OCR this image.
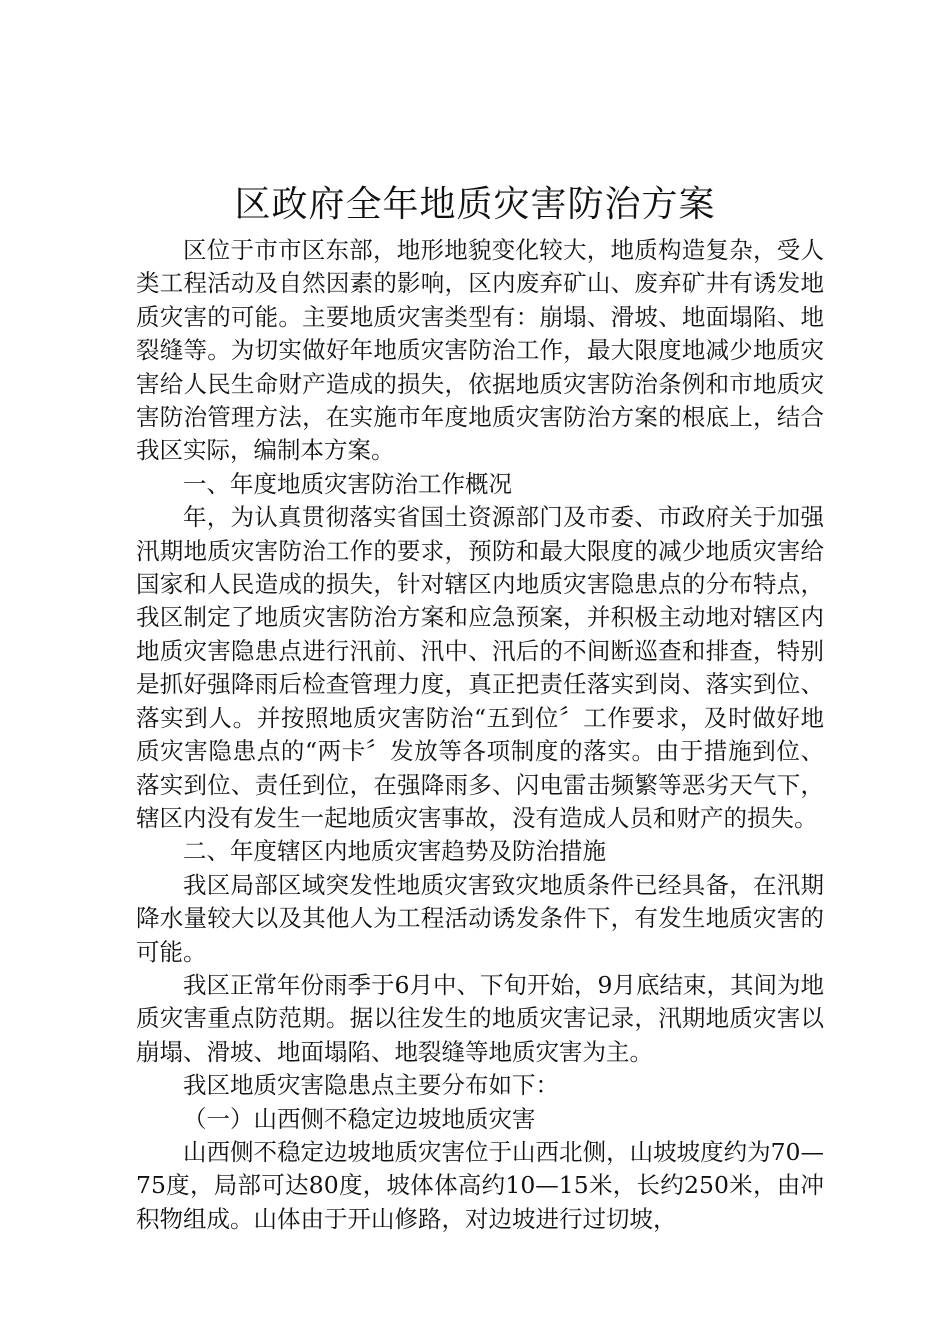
区政府全年地质灾害防治方案

区位于市市区东部，地形地貌变化较大，地质构造复杂，受人类工程活动及自然因素的影响，区内废弃矿山、废弃矿井有诱发地质灾害的可能。主要地质灾害类型有：崩塌、滑坡、地面塌陷、地裂缝等。为切实做好年地质灾害防治工作，最大限度地减少地质灾害给人民生命财产造成的损失，依据地质灾害防治条例和市地质灾害防治管理方法，在实施市年度地质灾害防治方案的根底上，结合我区实际，编制本方案。

一、年度地质灾害防治工作概况

年，为认真贯彻落实省国土资源部门及市委、市政府关于加强汛期地质灾害防治工作的要求，预防和最大限度的减少地质灾害给国家和人民造成的损失，针对辖区内地质灾害隐患点的分布特点，我区制定了地质灾害防治方案和应急预案，并积极主动地对辖区内地质灾害隐患点进行汛前、汛中、汛后的不间断巡查和排查，特别是抓好强降雨后检查管理力度，真正把责任落实到岗、落实到位、落实到人。并按照地质灾害防治“五到位〞工作要求，及时做好地质灾害隐患点的“两卡〞发放等各项制度的落实。由于措施到位、落实到位、责任到位，在强降雨多、闪电雷击频繁等恶劣天气下，辖区内没有发生一起地质灾害事故，没有造成人员和财产的损失。

二、年度辖区内地质灾害趋势及防治措施

我区局部区域突发性地质灾害致灾地质条件已经具备，在汛期降水量较大以及其他人为工程活动诱发条件下，有发生地质灾害的可能。

我区正常年份雨季于6月中、下旬开始，9月底结束，其间为地质灾害重点防范期。据以往发生的地质灾害记录，汛期地质灾害以崩塌、滑坡、地面塌陷、地裂缝等地质灾害为主。

我区地质灾害隐患点主要分布如下：

（一）山西侧不稳定边坡地质灾害

山西侧不稳定边坡地质灾害位于山西北侧，山坡坡度约为70—75度，局部可达80度，坡体体高约10—15米，长约250米，由冲积物组成。山体由于开山修路，对边坡进行过切坡，
